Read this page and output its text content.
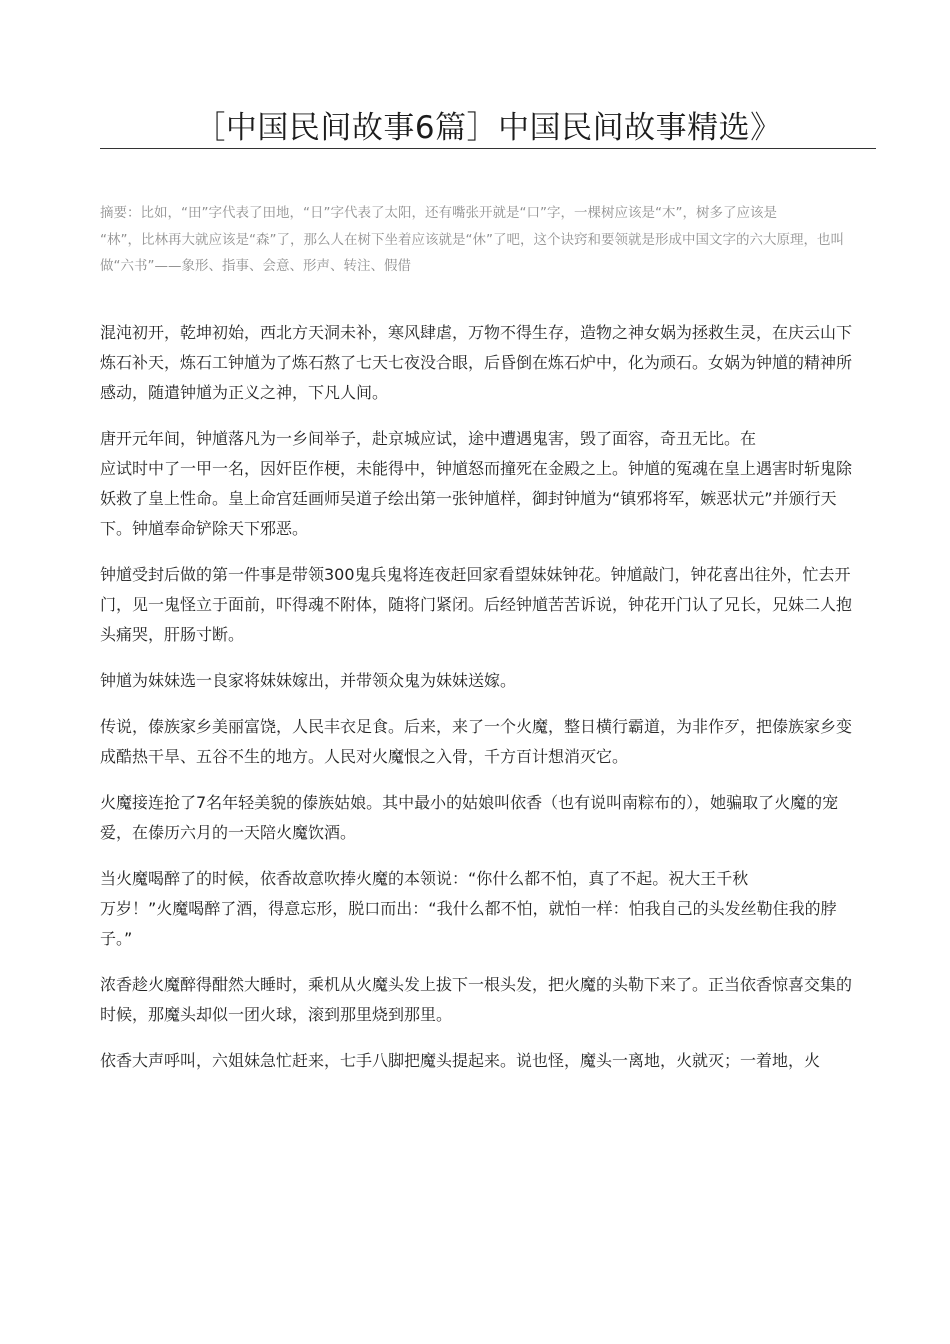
［中国民间故事6篇］中国民间故事精选》

摘要：比如，“田”字代表了田地，“日”字代表了太阳，还有嘴张开就是“口”字，一棵树应该是“木”，树多了应该是

“林”，比林再大就应该是“森”了，那么人在树下坐着应该就是“休”了吧，这个诀窍和要领就是形成中国文字的六大原理，也叫做“六书”——象形、指事、会意、形声、转注、假借

混沌初开，乾坤初始，西北方天洞未补，寒风肆虐，万物不得生存，造物之神女娲为拯救生灵，在庆云山下炼石补天，炼石工钟馗为了炼石熬了七天七夜没合眼，后昏倒在炼石炉中，化为顽石。女娲为钟馗的精神所感动，随遣钟馗为正义之神，下凡人间。

唐开元年间，钟馗落凡为一乡间举子，赴京城应试，途中遭遇鬼害，毁了面容，奇丑无比。在
应试时中了一甲一名，因奸臣作梗，未能得中，钟馗怒而撞死在金殿之上。钟馗的冤魂在皇上遇害时斩鬼除妖救了皇上性命。皇上命宫廷画师吴道子绘出第一张钟馗样，御封钟馗为“镇邪将军，嫉恶状元”并颁行天下。钟馗奉命铲除天下邪恶。

钟馗受封后做的第一件事是带领300鬼兵鬼将连夜赶回家看望妹妹钟花。钟馗敲门，钟花喜出往外，忙去开门，见一鬼怪立于面前，吓得魂不附体，随将门紧闭。后经钟馗苦苦诉说，钟花开门认了兄长，兄妹二人抱头痛哭，肝肠寸断。

钟馗为妹妹选一良家将妹妹嫁出，并带领众鬼为妹妹送嫁。

传说，傣族家乡美丽富饶，人民丰衣足食。后来，来了一个火魔，整日横行霸道，为非作歹，把傣族家乡变成酷热干旱、五谷不生的地方。人民对火魔恨之入骨，千方百计想消灭它。

火魔接连抢了7名年轻美貌的傣族姑娘。其中最小的姑娘叫依香（也有说叫南粽布的），她骗取了火魔的宠爱，在傣历六月的一天陪火魔饮酒。

当火魔喝醉了的时候，依香故意吹捧火魔的本领说：“你什么都不怕，真了不起。祝大王千秋
万岁！”火魔喝醉了酒，得意忘形，脱口而出：“我什么都不怕，就怕一样：怕我自己的头发丝勒住我的脖子。”

浓香趁火魔醉得酣然大睡时，乘机从火魔头发上拔下一根头发，把火魔的头勒下来了。正当依香惊喜交集的时候，那魔头却似一团火球，滚到那里烧到那里。

依香大声呼叫，六姐妹急忙赶来，七手八脚把魔头提起来。说也怪，魔头一离地，火就灭；一着地，火
